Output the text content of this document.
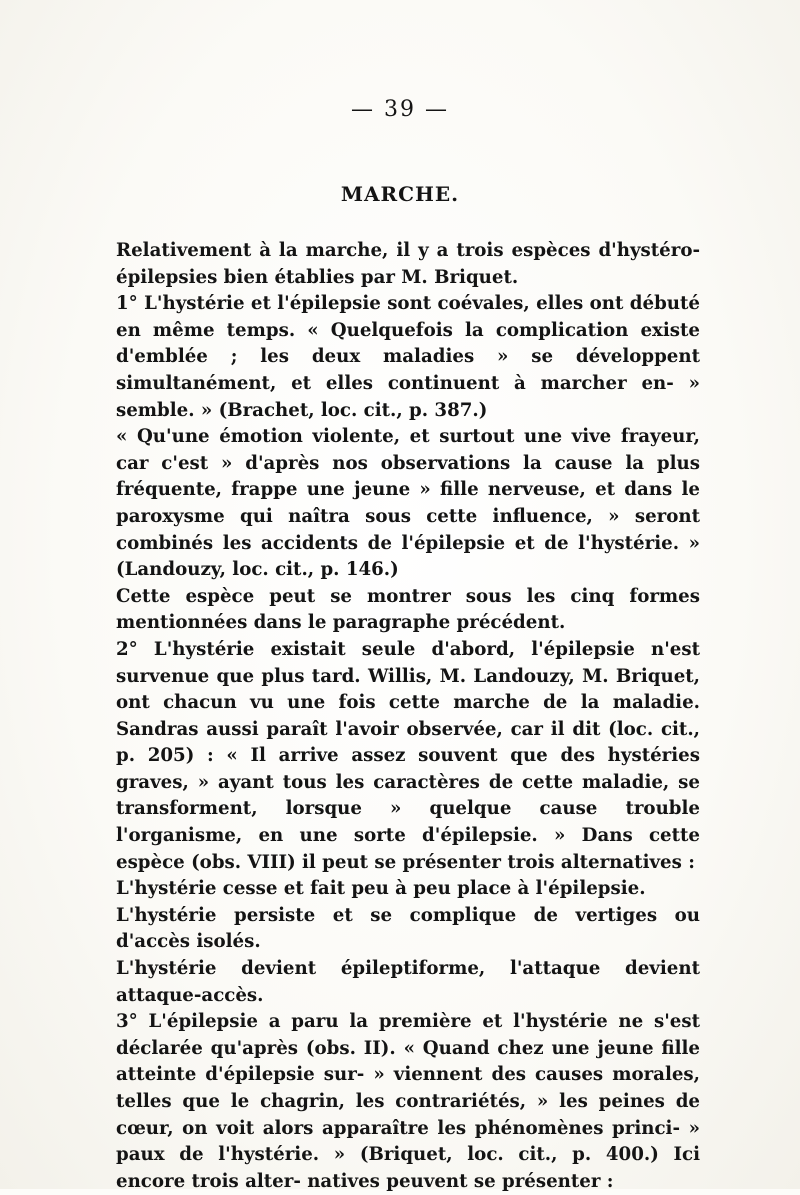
— 39 —
MARCHE.

Relativement à la marche, il y a trois espèces d'hystéro-épilepsies bien établies par M. Briquet.

1° L'hystérie et l'épilepsie sont coévales, elles ont débuté en même temps. « Quelquefois la complication existe d'emblée ; les deux maladies » se développent simultanément, et elles continuent à marcher en- » semble. » (Brachet, loc. cit., p. 387.)

« Qu'une émotion violente, et surtout une vive frayeur, car c'est » d'après nos observations la cause la plus fréquente, frappe une jeune » fille nerveuse, et dans le paroxysme qui naîtra sous cette influence, » seront combinés les accidents de l'épilepsie et de l'hystérie. » (Landouzy, loc. cit., p. 146.)

Cette espèce peut se montrer sous les cinq formes mentionnées dans le paragraphe précédent.

2° L'hystérie existait seule d'abord, l'épilepsie n'est survenue que plus tard. Willis, M. Landouzy, M. Briquet, ont chacun vu une fois cette marche de la maladie. Sandras aussi paraît l'avoir observée, car il dit (loc. cit., p. 205) : « Il arrive assez souvent que des hystéries graves, » ayant tous les caractères de cette maladie, se transforment, lorsque » quelque cause trouble l'organisme, en une sorte d'épilepsie. » Dans cette espèce (obs. VIII) il peut se présenter trois alternatives :

L'hystérie cesse et fait peu à peu place à l'épilepsie.

L'hystérie persiste et se complique de vertiges ou d'accès isolés.

L'hystérie devient épileptiforme, l'attaque devient attaque-accès.

3° L'épilepsie a paru la première et l'hystérie ne s'est déclarée qu'après (obs. II). « Quand chez une jeune fille atteinte d'épilepsie sur- » viennent des causes morales, telles que le chagrin, les contrariétés, » les peines de cœur, on voit alors apparaître les phénomènes princi- » paux de l'hystérie. » (Briquet, loc. cit., p. 400.) Ici encore trois alter- natives peuvent se présenter :
